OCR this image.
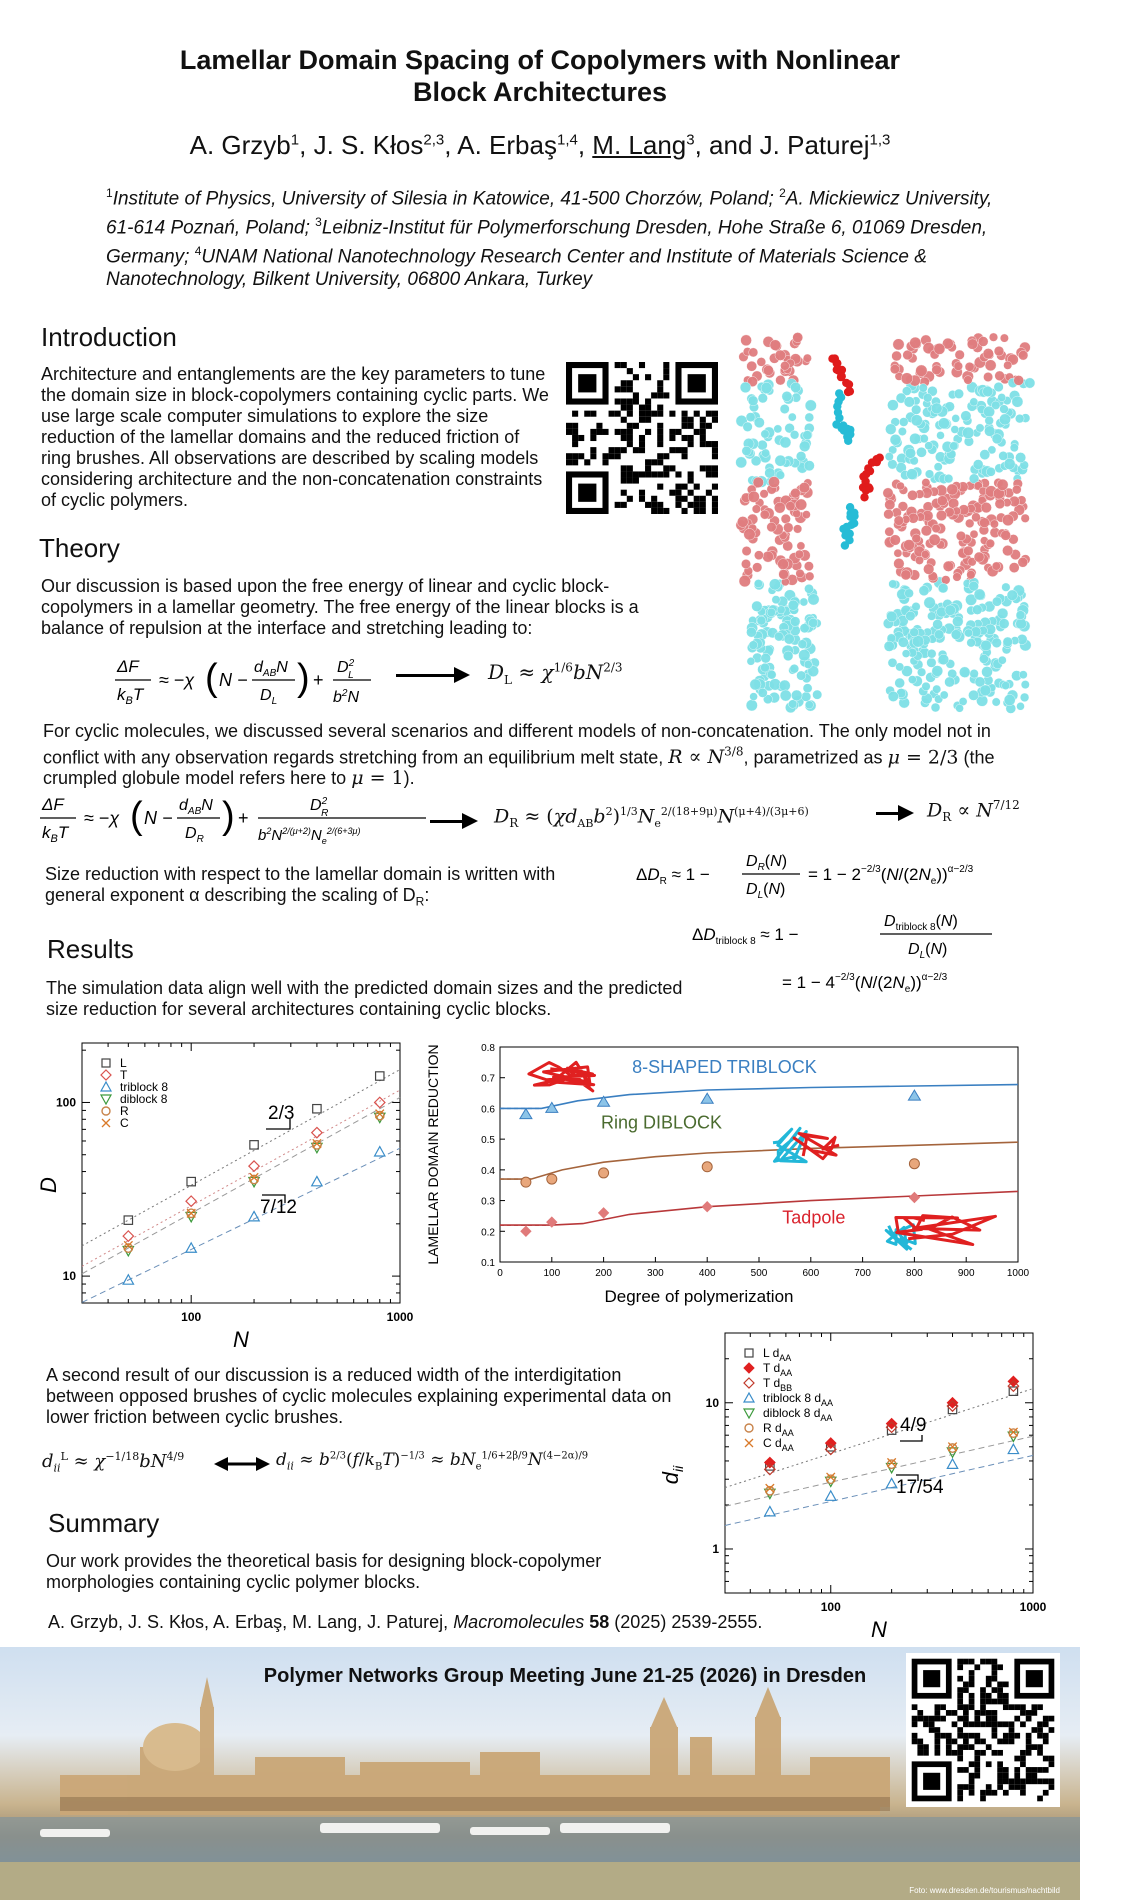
Lamellar Domain Spacing of Copolymers with Nonlinear
Block Architectures
A. Grzyb$^1$, J. S. Kłos$^{2,3}$, A. Erbaş$^{1,4}$, M. Lang$^3$, and J. Paturej$^{1,3}$
$^1$Institute of Physics, University of Silesia in Katowice, 41-500 Chorzów, Poland; $^2$A. Mickiewicz University, 61-614 Poznań, Poland; $^3$Leibniz-Institut für Polymerforschung Dresden, Hohe Straße 6, 01069 Dresden, Germany; $^4$UNAM National Nanotechnology Research Center and Institute of Materials Science & Nanotechnology, Bilkent University, 06800 Ankara, Turkey
Introduction
Architecture and entanglements are the key parameters to tune the domain size in block-copolymers containing cyclic parts. We use large scale computer simulations to explore the size reduction of the lamellar domains and the reduced friction of ring brushes. All observations are described by scaling models considering architecture and the non-concatenation constraints of cyclic polymers.
Theory
Our discussion is based upon the free energy of linear and cyclic block-copolymers in a lamellar geometry. The free energy of the linear blocks is a balance of repulsion at the interface and stretching leading to:
ΔF
$k_BT$
≈ −χ ( N −
$d_{AB}N$
$D_L$
) +
$D^2$ L
$b^2N$
$D_L \approx \chi^{1/6}bN^{2/3}$
For cyclic molecules, we discussed several scenarios and different models of non-concatenation. The only model not in conflict with any observation regards stretching from an equilibrium melt state, $R \propto N^{3/8}$, parametrized as μ = 2/3 (the crumpled globule model refers here to μ = 1).
ΔF
$k_BT$
≈ −χ ( N −
$d_{AB}N$
$D_R$
) +
$D^2$ R
$b^2N^{2/(\mu+2)}N_e^{2/(6+3\mu)}$
$D_R \approx (\chi d_{AB}b^2)^{1/3}N_e^{2/(18+9\mu)}N^{(\mu+4)/(3\mu+6)}$	$D_R \propto N^{7/12}$
Size reduction with respect to the lamellar domain is written with general exponent α describing the scaling of $D_R$:
$\Delta D_R \approx 1$ −
$D_R(N)$
$D_L(N)$
= $1 - 2^{-2/3}(N/(2N_e))^{\alpha-2/3}$
Results
The simulation data align well with the predicted domain sizes and the predicted size reduction for several architectures containing cyclic blocks.
$\Delta D_{triblock 8} \approx 1$ −
$D_{triblock 8}(N)$
$D_L(N)$
= $1 - 4^{-2/3}(N/(2N_e))^{\alpha-2/3}$
100	1000
10
100
N
L
T
triblock 8
diblock 8
R
C	2/3
7/12
D
0	100	200	300	400	500	600	700	800	900	1000
0.1
0.2
0.3
0.4
0.5
0.6
0.7
0.8
Degree of polymerization
LAMELLAR DOMAIN REDUCTION	8-SHAPED TRIBLOCK
Ring DIBLOCK
Tadpole
A second result of our discussion is a reduced width of the interdigitation between opposed brushes of cyclic molecules explaining experimental data on lower friction between cyclic brushes.
$d_{ii}^L \approx \chi^{-1/18}bN^{4/9}$	$d_{ii} \approx b^{2/3}(f/k_BT)^{-1/3} \approx bN_e^{1/6+2\beta/9}N^{(4-2\alpha)/9}$
100	1000
1
10
N
L $d_{AA}$
T $d_{AA}$
T $d_{BB}$
triblock 8 $d_{AA}$
diblock 8 $d_{AA}$
R $d_{AA}$
C $d_{AA}$
4/9
17/54
$d_{ii}$
Summary
Our work provides the theoretical basis for designing block-copolymer morphologies containing cyclic polymer blocks.
A. Grzyb, J. S. Kłos, A. Erbaş, M. Lang, J. Paturej, Macromolecules 58 (2025) 2539-2555.
Foto: www.dresden.de/tourismus/nachtbild
Polymer Networks Group Meeting June 21-25 (2026) in Dresden
